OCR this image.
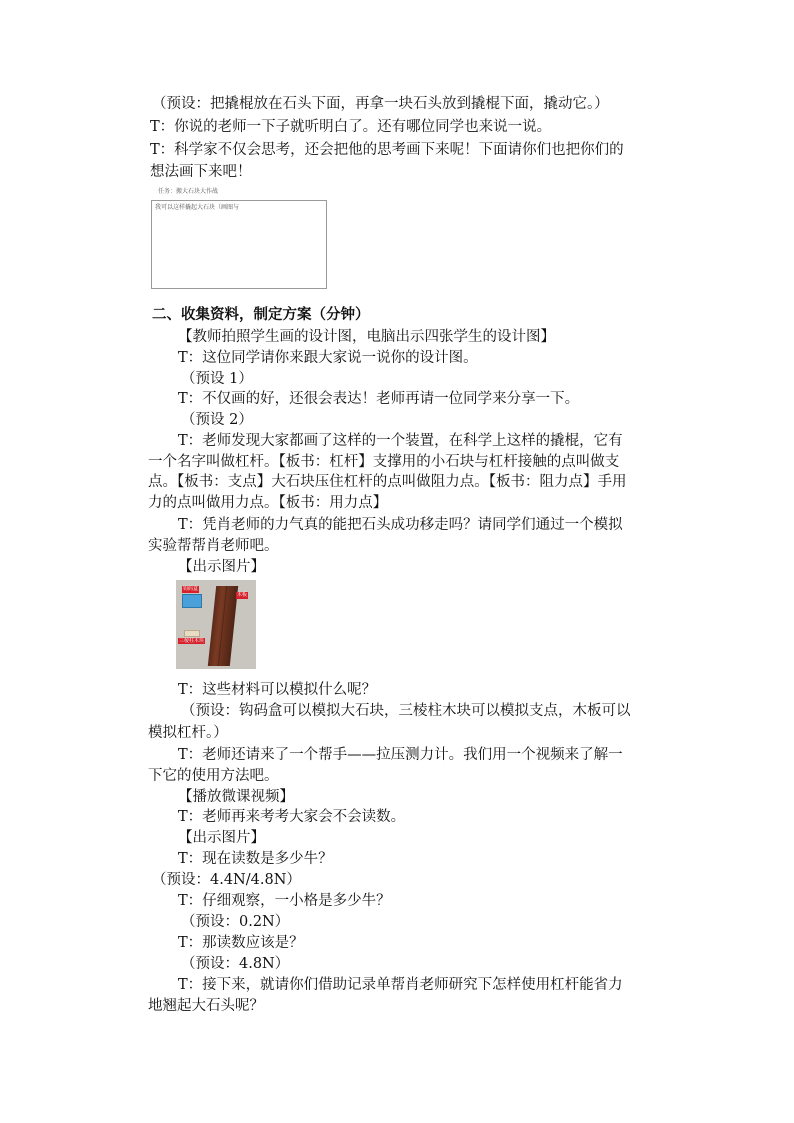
（预设：把撬棍放在石头下面，再拿一块石头放到撬棍下面，撬动它。）
T：你说的老师一下子就听明白了。还有哪位同学也来说一说。
T：科学家不仅会思考，还会把他的思考画下来呢！下面请你们也把你们的
想法画下来吧！
任务：搬大石块大作战
我可以这样撬起大石块（画图与
二、收集资料，制定方案（分钟）
【教师拍照学生画的设计图，电脑出示四张学生的设计图】
T：这位同学请你来跟大家说一说你的设计图。
（预设 1）
T：不仅画的好，还很会表达！老师再请一位同学来分享一下。
（预设 2）
T：老师发现大家都画了这样的一个装置，在科学上这样的撬棍，它有
一个名字叫做杠杆。【板书：杠杆】支撑用的小石块与杠杆接触的点叫做支
点。【板书：支点】大石块压住杠杆的点叫做阻力点。【板书：阻力点】手用
力的点叫做用力点。【板书：用力点】
T：凭肖老师的力气真的能把石头成功移走吗？请同学们通过一个模拟
实验帮帮肖老师吧。
【出示图片】
钩码盒
三棱柱木块
木板
T：这些材料可以模拟什么呢？
（预设：钩码盒可以模拟大石块，三棱柱木块可以模拟支点，木板可以
模拟杠杆。）
T：老师还请来了一个帮手——拉压测力计。我们用一个视频来了解一
下它的使用方法吧。
【播放微课视频】
T：老师再来考考大家会不会读数。
【出示图片】
T：现在读数是多少牛？
（预设：4.4N/4.8N）
T：仔细观察，一小格是多少牛？
（预设：0.2N）
T：那读数应该是？
（预设：4.8N）
T：接下来，就请你们借助记录单帮肖老师研究下怎样使用杠杆能省力
地翘起大石头呢？
